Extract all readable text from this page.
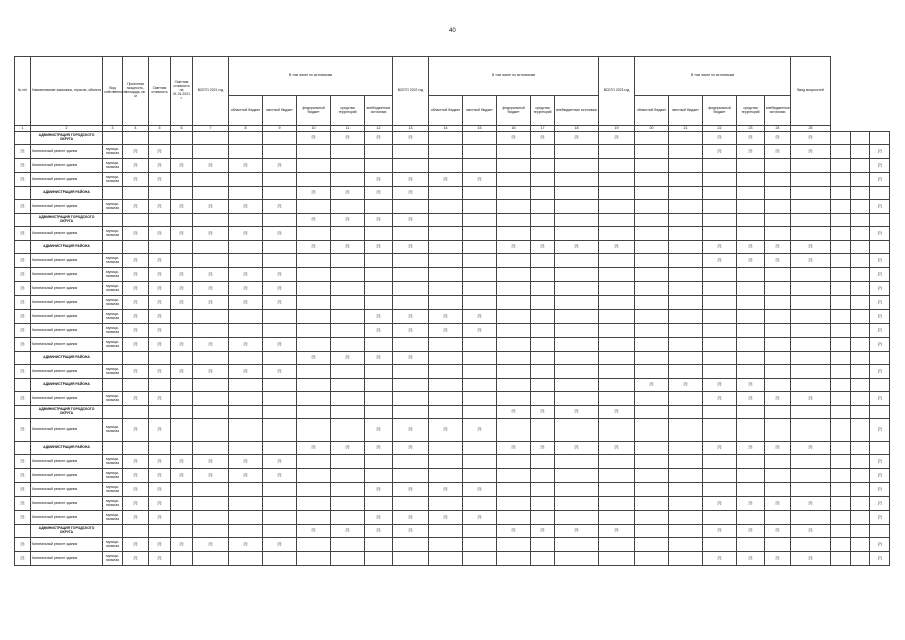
40
№ п/п	Наименование заказчика, отрасли, объекта	Вид собственности	Проектная мощность, площадь, кв. м	Сметная стоимость	Сметная стоимость на 01.01.2021 г.	ВСЕГО 2021 год	В том числе по источникам					ВСЕГО 2022 год	В том числе по источникам					ВСЕГО 2023 год	В том числе по источникам					Ввод мощностей			
							областной бюджет	местный бюджет	федеральный бюджет	средства территорий	внебюджетные источники		областной бюджет	местный бюджет	федеральный бюджет	средства территорий	внебюджетные источники		областной бюджет	местный бюджет	федеральный бюджет	средства территорий	внебюджетные источники				
1	2	3	4	5	6	7	8	9	10	11	12	13	14	15	16	17	18	19	20	21	22	23	24	25			
	АДМИНИСТРАЦИЯ ГОРОДСКОГО ОКРУГА								[?]	[?]	[?]	[?]			[?]	[?]	[?]	[?]			[?]	[?]	[?]	[?]			
[?]	Капитальный ремонт здания	муници-пальная	[?]	[?]																	[?]	[?]	[?]	[?]			[?]
[?]	Капитальный ремонт здания	муници-пальная	[?]	[?]	[?]	[?]	[?]	[?]																			[?]
[?]	Капитальный ремонт здания	муници-пальная	[?]	[?]							[?]	[?]	[?]	[?]													[?]
	АДМИНИСТРАЦИЯ РАЙОНА								[?]	[?]	[?]	[?]															
[?]	Капитальный ремонт здания	муници-пальная	[?]	[?]	[?]	[?]	[?]	[?]																			[?]
	АДМИНИСТРАЦИЯ ГОРОДСКОГО ОКРУГА								[?]	[?]	[?]	[?]															
[?]	Капитальный ремонт здания	муници-пальная	[?]	[?]	[?]	[?]	[?]	[?]																			[?]
	АДМИНИСТРАЦИЯ РАЙОНА								[?]	[?]	[?]	[?]			[?]	[?]	[?]	[?]			[?]	[?]	[?]	[?]			
[?]	Капитальный ремонт здания	муници-пальная	[?]	[?]																	[?]	[?]	[?]	[?]			[?]
[?]	Капитальный ремонт здания	муници-пальная	[?]	[?]	[?]	[?]	[?]	[?]																			[?]
[?]	Капитальный ремонт здания	муници-пальная	[?]	[?]	[?]	[?]	[?]	[?]																			[?]
[?]	Капитальный ремонт здания	муници-пальная	[?]	[?]	[?]	[?]	[?]	[?]																			[?]
[?]	Капитальный ремонт здания	муници-пальная	[?]	[?]							[?]	[?]	[?]	[?]													[?]
[?]	Капитальный ремонт здания	муници-пальная	[?]	[?]							[?]	[?]	[?]	[?]													[?]
[?]	Капитальный ремонт здания	муници-пальная	[?]	[?]	[?]	[?]	[?]	[?]																			[?]
	АДМИНИСТРАЦИЯ РАЙОНА								[?]	[?]	[?]	[?]															
[?]	Капитальный ремонт здания	муници-пальная	[?]	[?]	[?]	[?]	[?]	[?]																			[?]
	АДМИНИСТРАЦИЯ РАЙОНА																		[?]	[?]	[?]	[?]					
[?]	Капитальный ремонт здания	муници-пальная	[?]	[?]																	[?]	[?]	[?]	[?]			[?]
	АДМИНИСТРАЦИЯ ГОРОДСКОГО ОКРУГА														[?]	[?]	[?]	[?]									
[?]	Капитальный ремонт здания	муници-пальная	[?]	[?]							[?]	[?]	[?]	[?]													[?]
	АДМИНИСТРАЦИЯ РАЙОНА								[?]	[?]	[?]	[?]			[?]	[?]	[?]	[?]			[?]	[?]	[?]	[?]			
[?]	Капитальный ремонт здания	муници-пальная	[?]	[?]	[?]	[?]	[?]	[?]																			[?]
[?]	Капитальный ремонт здания	муници-пальная	[?]	[?]	[?]	[?]	[?]	[?]																			[?]
[?]	Капитальный ремонт здания	муници-пальная	[?]	[?]							[?]	[?]	[?]	[?]													[?]
[?]	Капитальный ремонт здания	муници-пальная	[?]	[?]																	[?]	[?]	[?]	[?]			[?]
[?]	Капитальный ремонт здания	муници-пальная	[?]	[?]							[?]	[?]	[?]	[?]													[?]
	АДМИНИСТРАЦИЯ ГОРОДСКОГО ОКРУГА								[?]	[?]	[?]	[?]			[?]	[?]	[?]	[?]			[?]	[?]	[?]	[?]			
[?]	Капитальный ремонт здания	муници-пальная	[?]	[?]	[?]	[?]	[?]	[?]																			[?]
[?]	Капитальный ремонт здания	муници-пальная	[?]	[?]																	[?]	[?]	[?]	[?]			[?]
